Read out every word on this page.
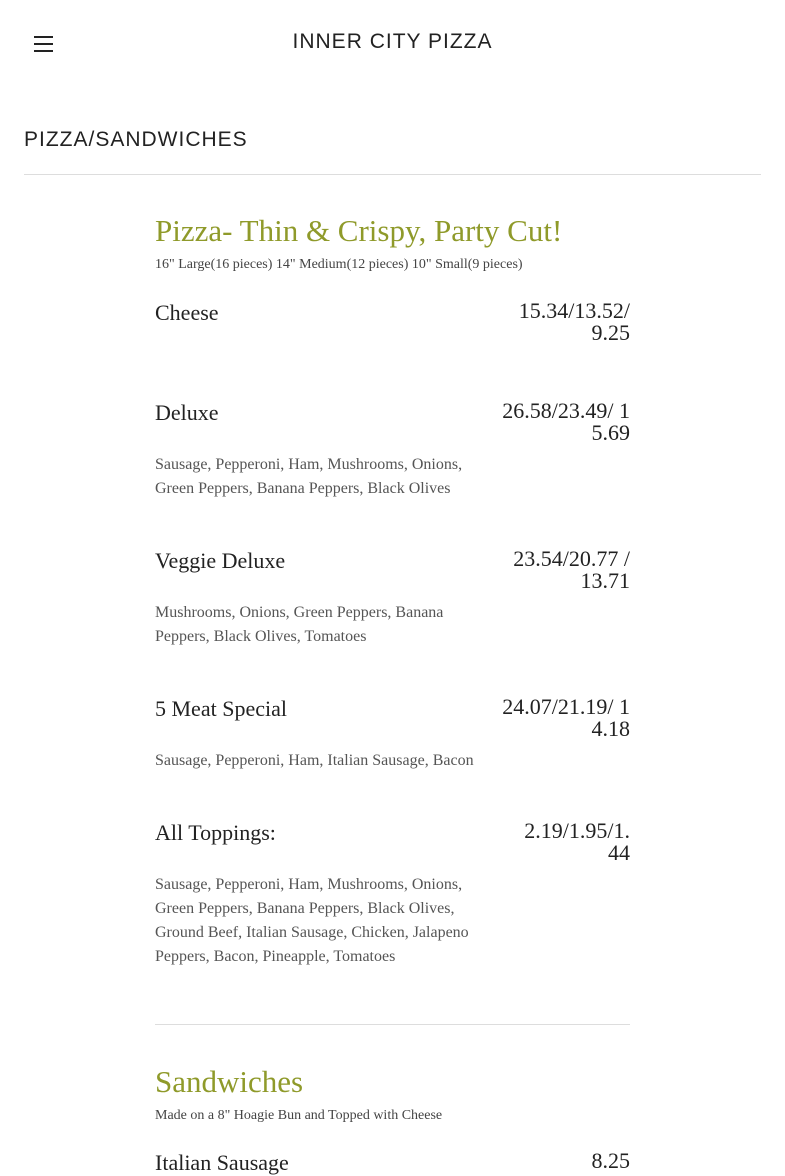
INNER CITY PIZZA
PIZZA/SANDWICHES
Pizza- Thin & Crispy, Party Cut!
16" Large(16 pieces) 14" Medium(12 pieces) 10" Small(9 pieces)
Cheese	15.34/13.52/ 9.25
Deluxe	26.58/23.49/ 15.69
Sausage, Pepperoni, Ham, Mushrooms, Onions, Green Peppers, Banana Peppers, Black Olives
Veggie Deluxe	23.54/20.77 / 13.71
Mushrooms, Onions, Green Peppers, Banana Peppers, Black Olives, Tomatoes
5 Meat Special	24.07/21.19/ 14.18
Sausage, Pepperoni, Ham, Italian Sausage, Bacon
All Toppings:	2.19/1.95/1.44
Sausage, Pepperoni, Ham, Mushrooms, Onions, Green Peppers, Banana Peppers, Black Olives, Ground Beef, Italian Sausage, Chicken, Jalapeno Peppers, Bacon, Pineapple, Tomatoes
Sandwiches
Made on a 8" Hoagie Bun and Topped with Cheese
Italian Sausage	8.25
